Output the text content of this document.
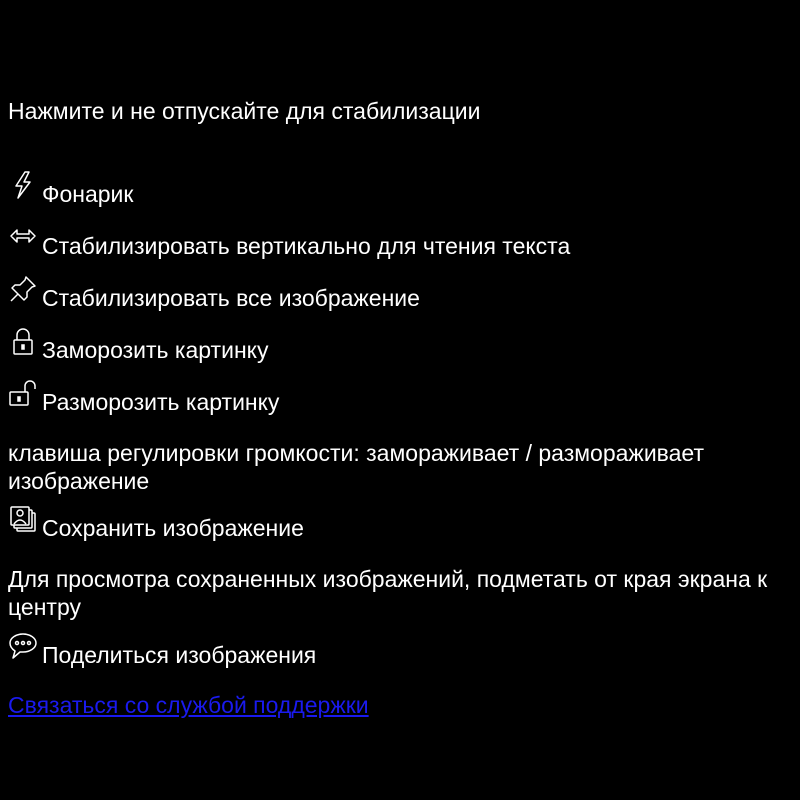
Нажмите и не отпускайте для стабилизации
Фонарик
Стабилизировать вертикально для чтения текста
Стабилизировать все изображение
Заморозить картинку
Разморозить картинку
клавиша регулировки громкости: замораживает / размораживает изображение
Сохранить изображение
Для просмотра сохраненных изображений, подметать от края экрана к центру
Поделиться изображения
Связаться со службой поддержки
